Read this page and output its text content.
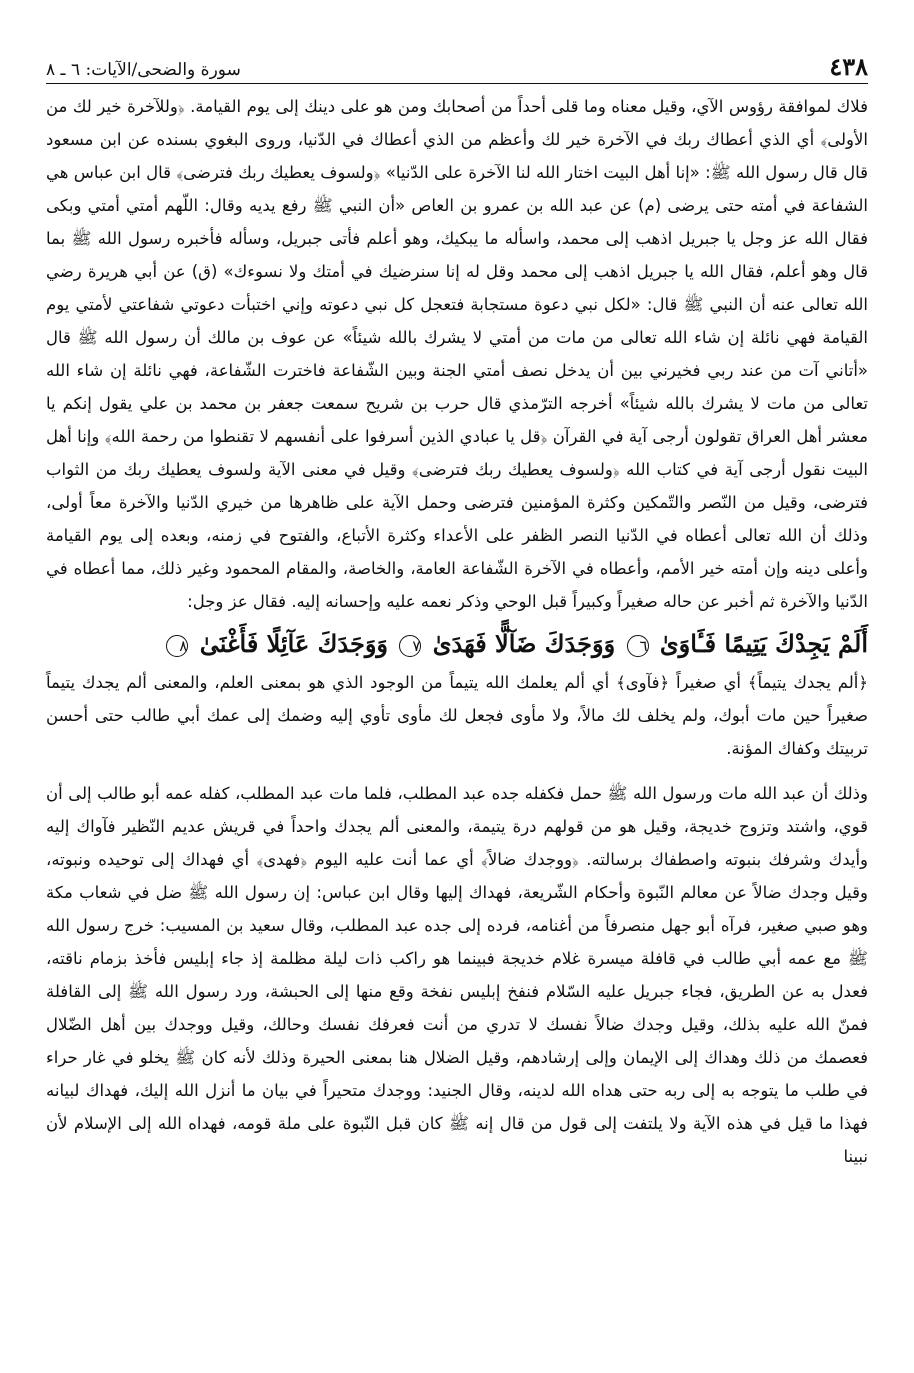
٤٣٨
سورة والضحى/الآيات: ٦ ـ ٨

فلاك لموافقة رؤوس الآي، وقيل معناه وما قلى أحداً من أصحابك ومن هو على دينك إلى يوم القيامة. ﴿وللآخرة خير لك من الأولى﴾ أي الذي أعطاك ربك في الآخرة خير لك وأعظم من الذي أعطاك في الدّنيا، وروى البغوي بسنده عن ابن مسعود قال قال رسول الله ﷺ: «إنا أهل البيت اختار الله لنا الآخرة على الدّنيا» ﴿ولسوف يعطيك ربك فترضى﴾ قال ابن عباس هي الشفاعة في أمته حتى يرضى (م) عن عبد الله بن عمرو بن العاص «أن النبي ﷺ رفع يديه وقال: اللّهم أمتي أمتي وبكى فقال الله عز وجل يا جبريل اذهب إلى محمد، واسأله ما يبكيك، وهو أعلم فأتى جبريل، وسأله فأخبره رسول الله ﷺ بما قال وهو أعلم، فقال الله يا جبريل اذهب إلى محمد وقل له إنا سنرضيك في أمتك ولا نسوءك» (ق) عن أبي هريرة رضي الله تعالى عنه أن النبي ﷺ قال: «لكل نبي دعوة مستجابة فتعجل كل نبي دعوته وإني اختبأت دعوتي شفاعتي لأمتي يوم القيامة فهي نائلة إن شاء الله تعالى من مات من أمتي لا يشرك بالله شيئاً» عن عوف بن مالك أن رسول الله ﷺ قال «أتاني آت من عند ربي فخيرني بين أن يدخل نصف أمتي الجنة وبين الشّفاعة فاخترت الشّفاعة، فهي نائلة إن شاء الله تعالى من مات لا يشرك بالله شيئاً» أخرجه الترّمذي قال حرب بن شريح سمعت جعفر بن محمد بن علي يقول إنكم يا معشر أهل العراق تقولون أرجى آية في القرآن ﴿قل يا عبادي الذين أسرفوا على أنفسهم لا تقنطوا من رحمة الله﴾ وإنا أهل البيت نقول أرجى آية في كتاب الله ﴿ولسوف يعطيك ربك فترضى﴾ وقيل في معنى الآية ولسوف يعطيك ربك من الثواب فترضى، وقيل من النّصر والتّمكين وكثرة المؤمنين فترضى وحمل الآية على ظاهرها من خيري الدّنيا والآخرة معاً أولى، وذلك أن الله تعالى أعطاه في الدّنيا النصر الظفر على الأعداء وكثرة الأتباع، والفتوح في زمنه، وبعده إلى يوم القيامة وأعلى دينه وإن أمته خير الأمم، وأعطاه في الآخرة الشّفاعة العامة، والخاصة، والمقام المحمود وغير ذلك، مما أعطاه في الدّنيا والآخرة ثم أخبر عن حاله صغيراً وكبيراً قبل الوحي وذكر نعمه عليه وإحسانه إليه. فقال عز وجل:

أَلَمْ يَجِدْكَ يَتِيمًا فَـَٔاوَىٰ ٦ وَوَجَدَكَ ضَآلًّا فَهَدَىٰ ٧ وَوَجَدَكَ عَآئِلًا فَأَغْنَىٰ ٨

﴿ألم يجدك يتيماً﴾ أي صغيراً ﴿فآوى﴾ أي ألم يعلمك الله يتيماً من الوجود الذي هو بمعنى العلم، والمعنى ألم يجدك يتيماً صغيراً حين مات أبوك، ولم يخلف لك مالاً، ولا مأوى فجعل لك مأوى تأوي إليه وضمك إلى عمك أبي طالب حتى أحسن تربيتك وكفاك المؤنة.

وذلك أن عبد الله مات ورسول الله ﷺ حمل فكفله جده عبد المطلب، فلما مات عبد المطلب، كفله عمه أبو طالب إلى أن قوي، واشتد وتزوج خديجة، وقيل هو من قولهم درة يتيمة، والمعنى ألم يجدك واحداً في قريش عديم النّظير فآواك إليه وأيدك وشرفك بنبوته واصطفاك برسالته. ﴿ووجدك ضالاً﴾ أي عما أنت عليه اليوم ﴿فهدى﴾ أي فهداك إلى توحيده ونبوته، وقيل وجدك ضالاً عن معالم النّبوة وأحكام الشّريعة، فهداك إليها وقال ابن عباس: إن رسول الله ﷺ ضل في شعاب مكة وهو صبي صغير، فرآه أبو جهل منصرفاً من أغنامه، فرده إلى جده عبد المطلب، وقال سعيد بن المسيب: خرج رسول الله ﷺ مع عمه أبي طالب في قافلة ميسرة غلام خديجة فبينما هو راكب ذات ليلة مظلمة إذ جاء إبليس فأخذ بزمام ناقته، فعدل به عن الطريق، فجاء جبريل عليه السّلام فنفخ إبليس نفخة وقع منها إلى الحبشة، ورد رسول الله ﷺ إلى القافلة فمنّ الله عليه بذلك، وقيل وجدك ضالاً نفسك لا تدري من أنت فعرفك نفسك وحالك، وقيل ووجدك بين أهل الضّلال فعصمك من ذلك وهداك إلى الإيمان وإلى إرشادهم، وقيل الضلال هنا بمعنى الحيرة وذلك لأنه كان ﷺ يخلو في غار حراء في طلب ما يتوجه به إلى ربه حتى هداه الله لدينه، وقال الجنيد: ووجدك متحيراً في بيان ما أنزل الله إليك، فهداك لبيانه فهذا ما قيل في هذه الآية ولا يلتفت إلى قول من قال إنه ﷺ كان قبل النّبوة على ملة قومه، فهداه الله إلى الإسلام لأن نبينا
